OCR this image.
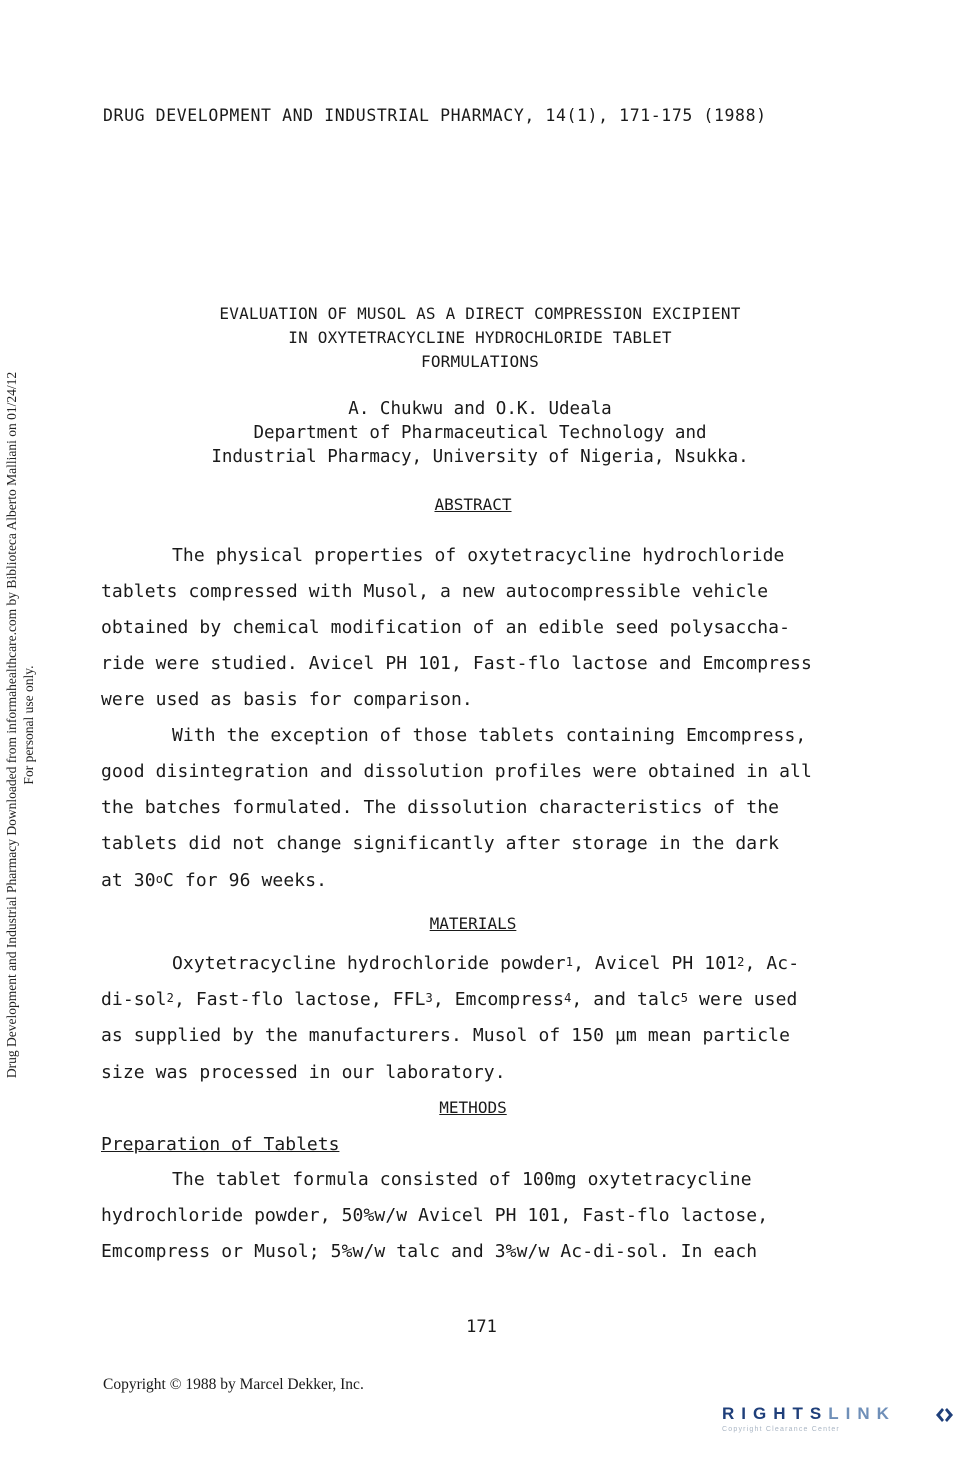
DRUG DEVELOPMENT AND INDUSTRIAL PHARMACY, 14(1), 171-175 (1988)
Drug Development and Industrial Pharmacy Downloaded from informahealthcare.com by Biblioteca Alberto Malliani on 01/24/12 For personal use only.
EVALUATION OF MUSOL AS A DIRECT COMPRESSION EXCIPIENT
IN OXYTETRACYCLINE HYDROCHLORIDE TABLET
FORMULATIONS
A. Chukwu and O.K. Udeala
Department of Pharmaceutical Technology and
Industrial Pharmacy, University of Nigeria, Nsukka.
ABSTRACT
The physical properties of oxytetracycline hydrochloride
tablets compressed with Musol, a new autocompressible vehicle
obtained by chemical modification of an edible seed polysaccha-
ride were studied. Avicel PH 101, Fast-flo lactose and Emcompress
were used as basis for comparison.
With the exception of those tablets containing Emcompress,
good disintegration and dissolution profiles were obtained in all
the batches formulated. The dissolution characteristics of the
tablets did not change significantly after storage in the dark
at 30$^o$C for 96 weeks.
MATERIALS
Oxytetracycline hydrochloride powder$^1$, Avicel PH $101^2$, Ac-
di-sol$^2$, Fast-flo lactose, FFL$^3$, Emcompress$^4$, and talc$^5$ were used
as supplied by the manufacturers. Musol of 150 µm mean particle
size was processed in our laboratory.
METHODS
Preparation of Tablets
The tablet formula consisted of 100mg oxytetracycline
hydrochloride powder, 50%w/w Avicel PH 101, Fast-flo lactose,
Emcompress or Musol; 5%w/w talc and 3%w/w Ac-di-sol. In each
171
Copyright © 1988 by Marcel Dekker, Inc.
RIGHTSLINK
Copyright Clearance Center
